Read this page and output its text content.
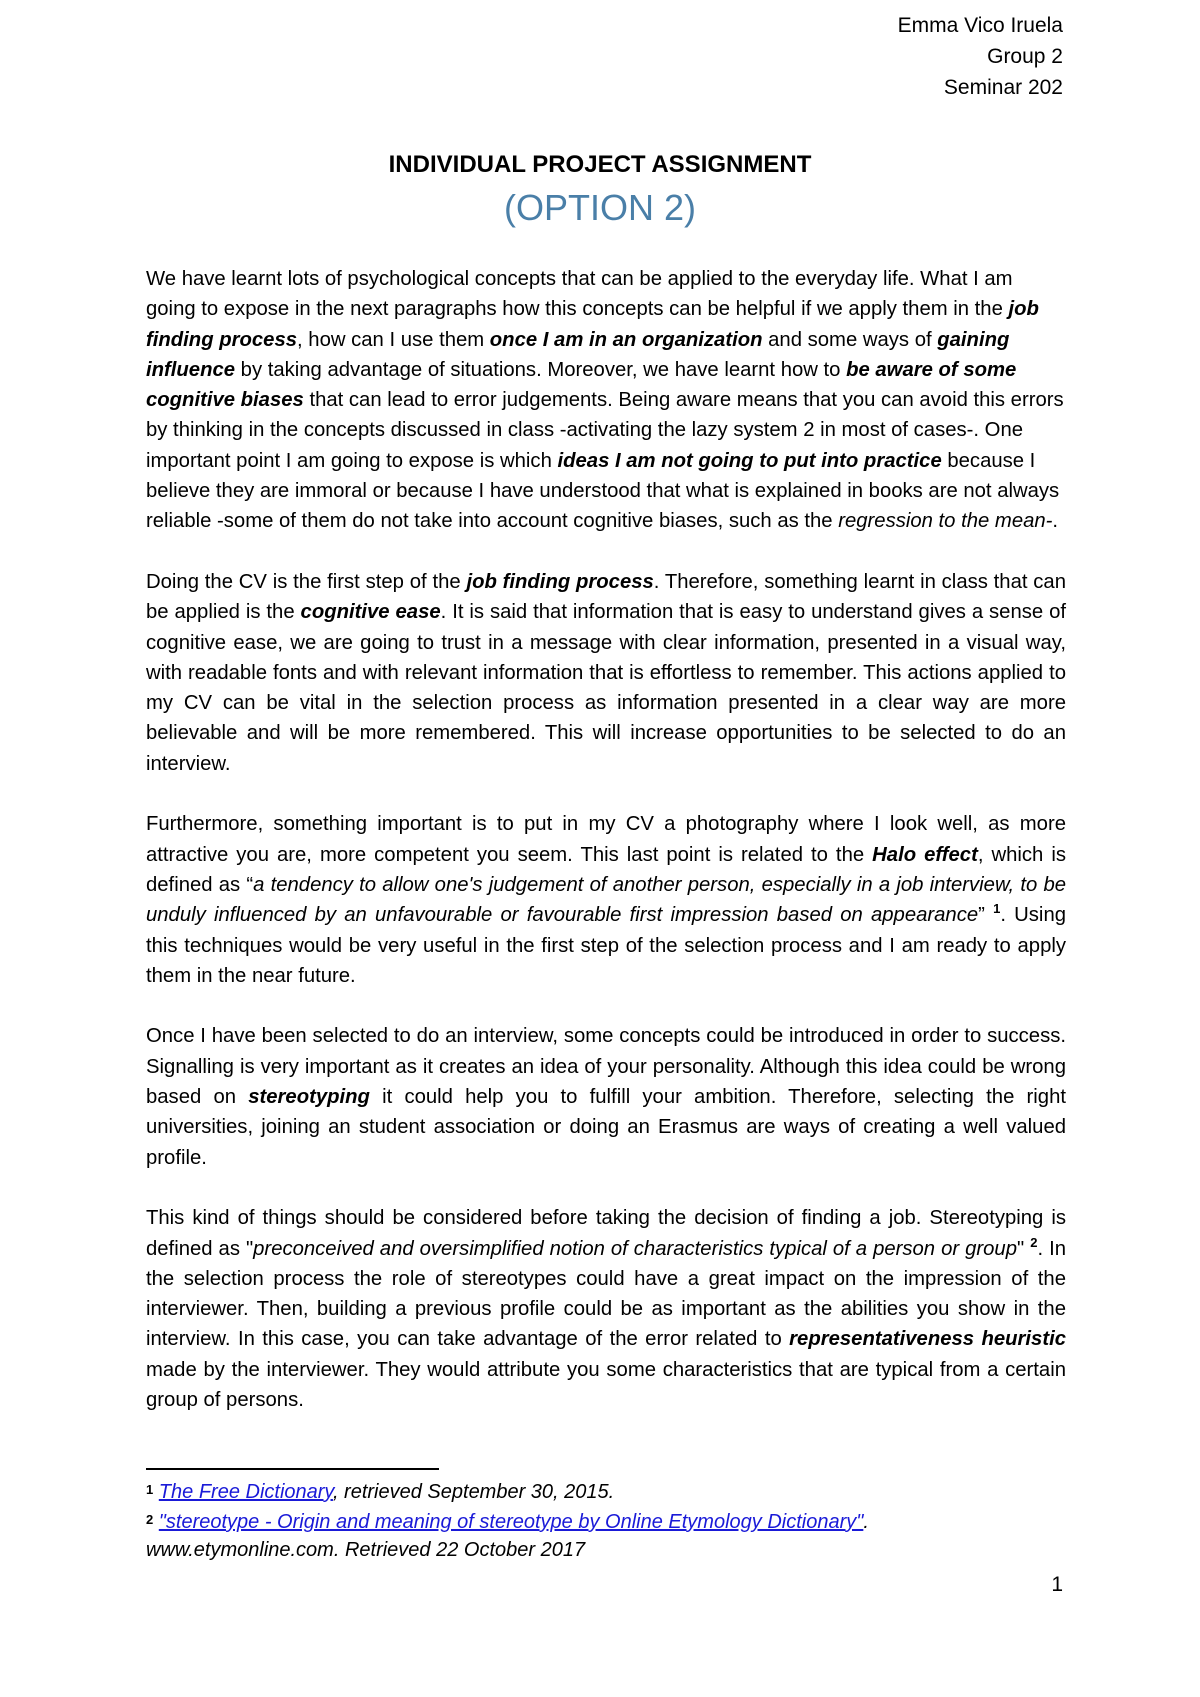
Emma Vico Iruela
Group 2
Seminar 202
INDIVIDUAL PROJECT ASSIGNMENT
(OPTION 2)

We have learnt lots of psychological concepts that can be applied to the everyday life. What I am going to expose in the next paragraphs how this concepts can be helpful if we apply them in the job finding process, how can I use them once I am in an organization and some ways of gaining influence by taking advantage of situations. Moreover, we have learnt how to be aware of some cognitive biases that can lead to error judgements. Being aware means that you can avoid this errors by thinking in the concepts discussed in class -activating the lazy system 2 in most of cases-. One important point I am going to expose is which ideas I am not going to put into practice because I believe they are immoral or because I have understood that what is explained in books are not always reliable -some of them do not take into account cognitive biases, such as the regression to the mean-.

Doing the CV is the first step of the job finding process. Therefore, something learnt in class that can be applied is the cognitive ease. It is said that information that is easy to understand gives a sense of cognitive ease, we are going to trust in a message with clear information, presented in a visual way, with readable fonts and with relevant information that is effortless to remember. This actions applied to my CV can be vital in the selection process as information presented in a clear way are more believable and will be more remembered. This will increase opportunities to be selected to do an interview.

Furthermore, something important is to put in my CV a photography where I look well, as more attractive you are, more competent you seem. This last point is related to the Halo effect, which is defined as “a tendency to allow one's judgement of another person, especially in a job interview, to be unduly influenced by an unfavourable or favourable first impression based on appearance” $^1$. Using this techniques would be very useful in the first step of the selection process and I am ready to apply them in the near future.

Once I have been selected to do an interview, some concepts could be introduced in order to success. Signalling is very important as it creates an idea of your personality. Although this idea could be wrong based on stereotyping it could help you to fulfill your ambition. Therefore, selecting the right universities, joining an student association or doing an Erasmus are ways of creating a well valued profile.

This kind of things should be considered before taking the decision of finding a job. Stereotyping is defined as "preconceived and oversimplified notion of characteristics typical of a person or group" $^2$. In the selection process the role of stereotypes could have a great impact on the impression of the interviewer. Then, building a previous profile could be as important as the abilities you show in the interview. In this case, you can take advantage of the error related to representativeness heuristic made by the interviewer. They would attribute you some characteristics that are typical from a certain group of persons.

$^1$ The Free Dictionary, retrieved September 30, 2015.
$^2$ "stereotype - Origin and meaning of stereotype by Online Etymology Dictionary".
www.etymonline.com. Retrieved 22 October 2017
1
